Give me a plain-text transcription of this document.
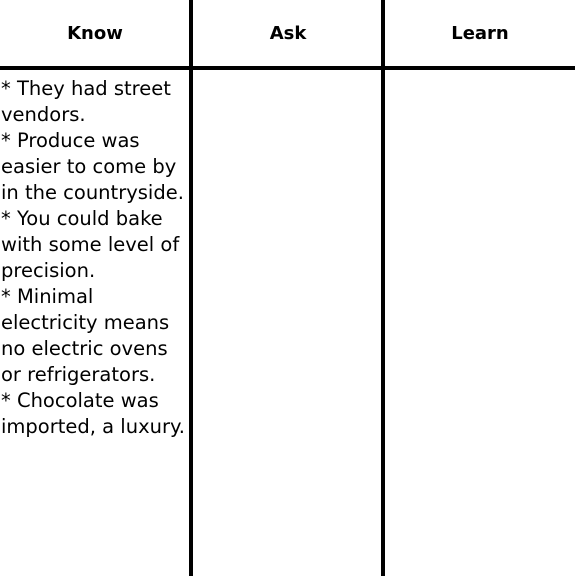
Know	Ask	Learn
* They had street vendors.
* Produce was easier to come by in the countryside.
* You could bake with some level of precision.
* Minimal electricity means no electric ovens or refrigerators.
* Chocolate was imported, a luxury.
